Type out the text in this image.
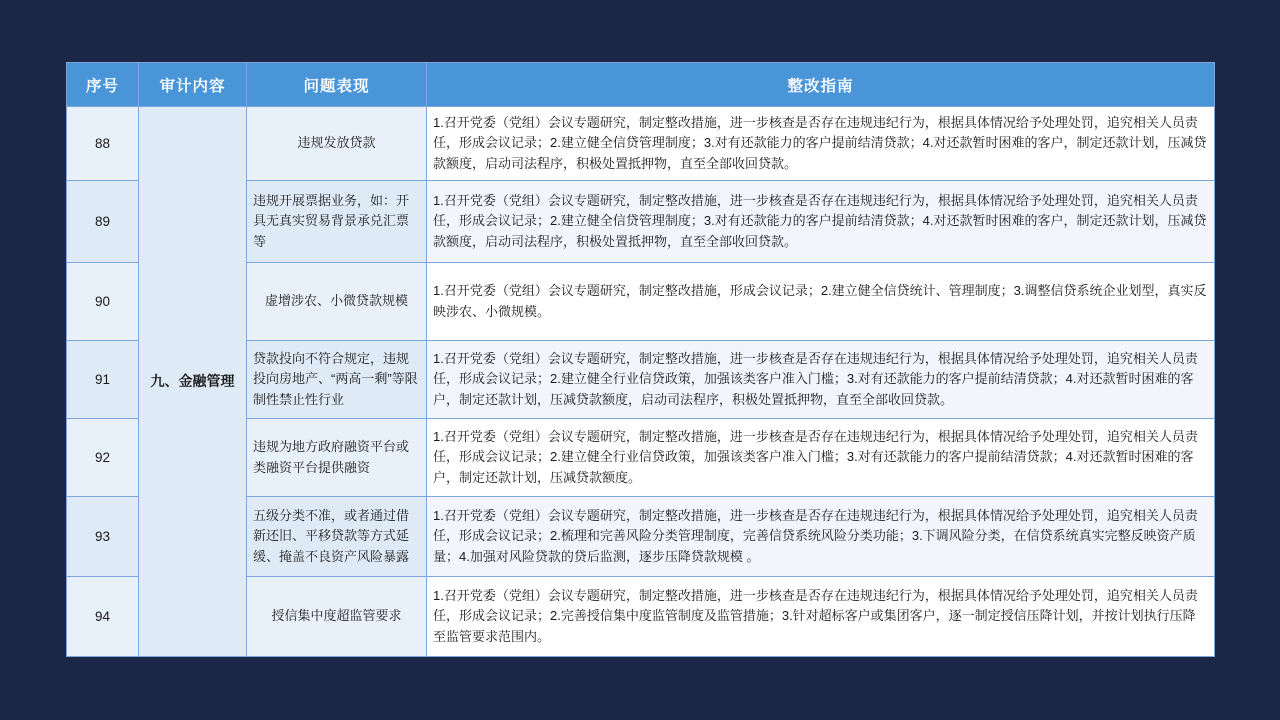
序号	审计内容	问题表现	整改指南
88	九、金融管理	违规发放贷款	1.召开党委（党组）会议专题研究，制定整改措施，进一步核查是否存在违规违纪行为，根据具体情况给予处理处罚，追究相关人员责任，形成会议记录；2.建立健全信贷管理制度；3.对有还款能力的客户提前结清贷款；4.对还款暂时困难的客户，制定还款计划，压减贷款额度，启动司法程序，积极处置抵押物，直至全部收回贷款。
89		违规开展票据业务，如：开具无真实贸易背景承兑汇票等	1.召开党委（党组）会议专题研究，制定整改措施，进一步核查是否存在违规违纪行为，根据具体情况给予处理处罚，追究相关人员责任，形成会议记录；2.建立健全信贷管理制度；3.对有还款能力的客户提前结清贷款；4.对还款暂时困难的客户，制定还款计划，压减贷款额度，启动司法程序，积极处置抵押物，直至全部收回贷款。
90		虚增涉农、小微贷款规模	1.召开党委（党组）会议专题研究，制定整改措施，形成会议记录；2.建立健全信贷统计、管理制度；3.调整信贷系统企业划型，真实反映涉农、小微规模。
91		贷款投向不符合规定，违规投向房地产、“两高一剩”等限制性禁止性行业	1.召开党委（党组）会议专题研究，制定整改措施，进一步核查是否存在违规违纪行为，根据具体情况给予处理处罚，追究相关人员责任，形成会议记录；2.建立健全行业信贷政策，加强该类客户准入门槛；3.对有还款能力的客户提前结清贷款；4.对还款暂时困难的客户，制定还款计划，压减贷款额度，启动司法程序，积极处置抵押物，直至全部收回贷款。
92		违规为地方政府融资平台或类融资平台提供融资	1.召开党委（党组）会议专题研究，制定整改措施，进一步核查是否存在违规违纪行为，根据具体情况给予处理处罚，追究相关人员责任，形成会议记录；2.建立健全行业信贷政策，加强该类客户准入门槛；3.对有还款能力的客户提前结清贷款；4.对还款暂时困难的客户，制定还款计划，压减贷款额度。
93		五级分类不准，或者通过借新还旧、平移贷款等方式延缓、掩盖不良资产风险暴露	1.召开党委（党组）会议专题研究，制定整改措施，进一步核查是否存在违规违纪行为，根据具体情况给予处理处罚，追究相关人员责任，形成会议记录；2.梳理和完善风险分类管理制度，完善信贷系统风险分类功能；3.下调风险分类，在信贷系统真实完整反映资产质量；4.加强对风险贷款的贷后监测，逐步压降贷款规模 。
94		授信集中度超监管要求	1.召开党委（党组）会议专题研究，制定整改措施，进一步核查是否存在违规违纪行为，根据具体情况给予处理处罚，追究相关人员责任，形成会议记录；2.完善授信集中度监管制度及监管措施；3.针对超标客户或集团客户，逐一制定授信压降计划，并按计划执行压降至监管要求范围内。
